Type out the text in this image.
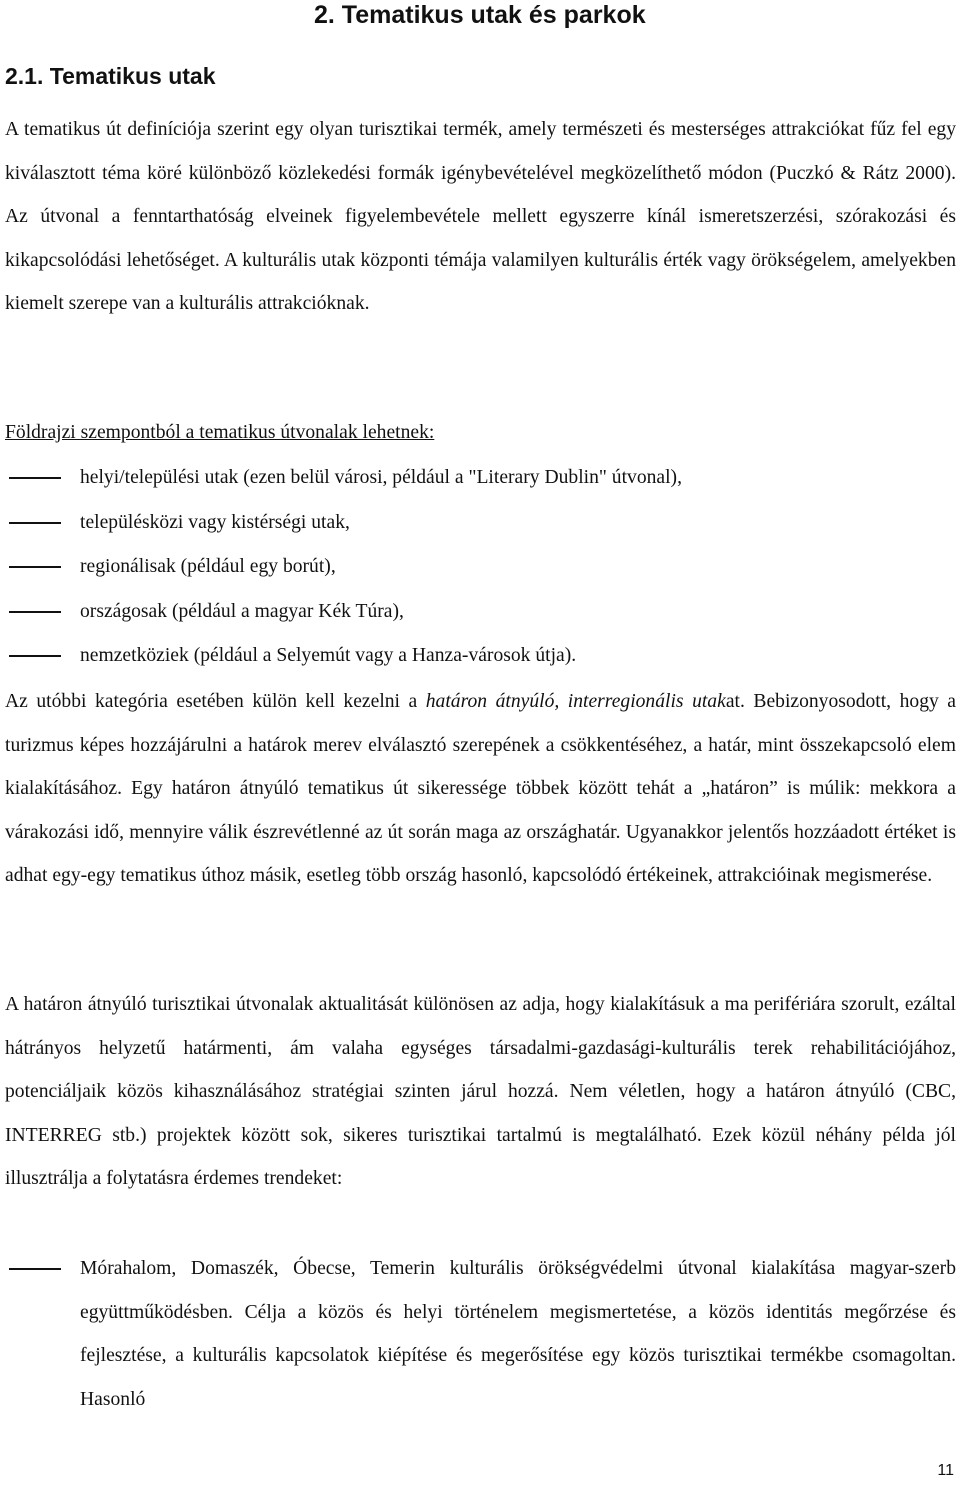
2. Tematikus utak és parkok
2.1. Tematikus utak

A tematikus út definíciója szerint egy olyan turisztikai termék, amely természeti és mesterséges attrakciókat fűz fel egy kiválasztott téma köré különböző közlekedési formák igénybevételével megközelíthető módon (Puczkó & Rátz 2000). Az útvonal a fenntarthatóság elveinek figyelembevétele mellett egyszerre kínál ismeretszerzési, szórakozási és kikapcsolódási lehetőséget. A kulturális utak központi témája valamilyen kulturális érték vagy örökségelem, amelyekben kiemelt szerepe van a kulturális attrakcióknak.

Földrajzi szempontból a tematikus útvonalak lehetnek:

helyi/települési utak (ezen belül városi, például a "Literary Dublin" útvonal),
településközi vagy kistérségi utak,
regionálisak (például egy borút),
országosak (például a magyar Kék Túra),
nemzetköziek (például a Selyemút vagy a Hanza-városok útja).

Az utóbbi kategória esetében külön kell kezelni a határon átnyúló, interregionális utakat. Bebizonyosodott, hogy a turizmus képes hozzájárulni a határok merev elválasztó szerepének a csökkentéséhez, a határ, mint összekapcsoló elem kialakításához. Egy határon átnyúló tematikus út sikeressége többek között tehát a „határon” is múlik: mekkora a várakozási idő, mennyire válik észrevétlenné az út során maga az országhatár. Ugyanakkor jelentős hozzáadott értéket is adhat egy-egy tematikus úthoz másik, esetleg több ország hasonló, kapcsolódó értékeinek, attrakcióinak megismerése.

A határon átnyúló turisztikai útvonalak aktualitását különösen az adja, hogy kialakításuk a ma perifériára szorult, ezáltal hátrányos helyzetű határmenti, ám valaha egységes társadalmi-gazdasági-kulturális terek rehabilitációjához, potenciáljaik közös kihasználásához stratégiai szinten járul hozzá. Nem véletlen, hogy a határon átnyúló (CBC, INTERREG stb.) projektek között sok, sikeres turisztikai tartalmú is megtalálható. Ezek közül néhány példa jól illusztrálja a folytatásra érdemes trendeket:

Mórahalom, Domaszék, Óbecse, Temerin kulturális örökségvédelmi útvonal kialakítása magyar-szerb együttműködésben. Célja a közös és helyi történelem megismertetése, a közös identitás megőrzése és fejlesztése, a kulturális kapcsolatok kiépítése és megerősítése egy közös turisztikai termékbe csomagoltan. Hasonló

11
